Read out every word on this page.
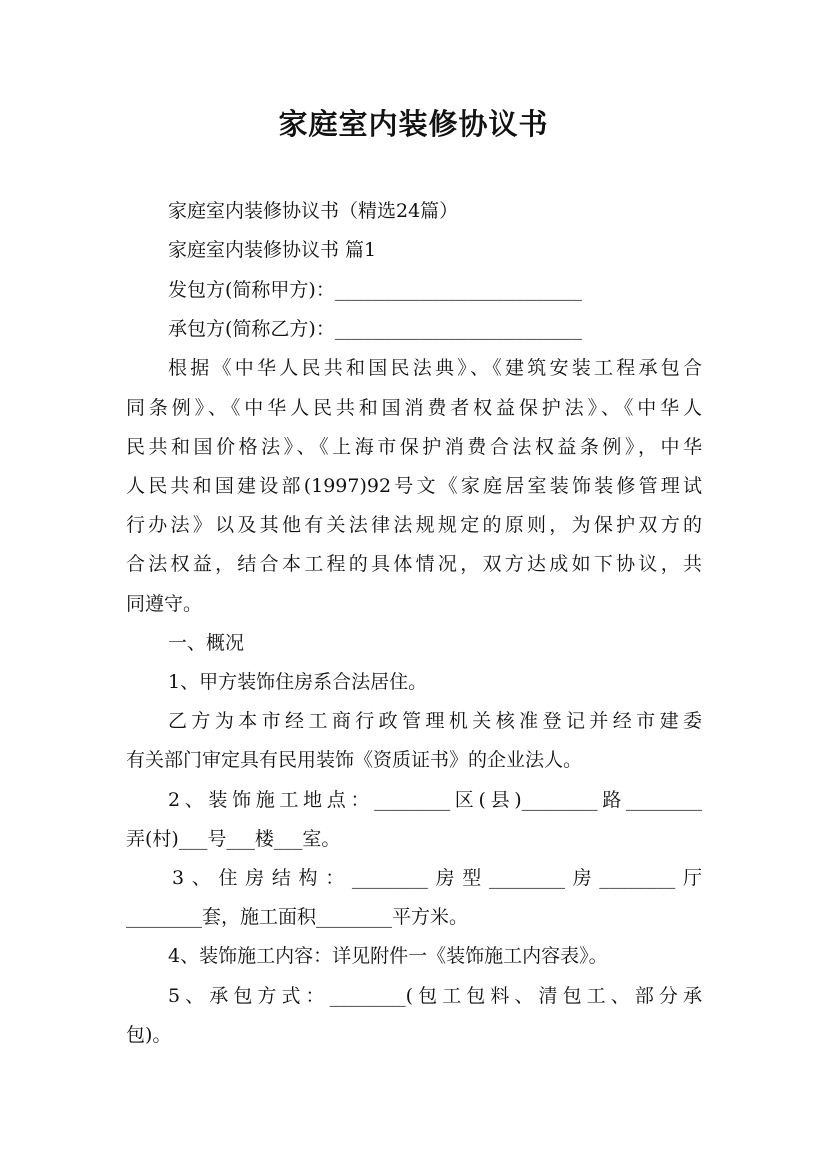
家庭室内装修协议书
家庭室内装修协议书（精选24篇）
家庭室内装修协议书 篇1
发包方(简称甲方)：__________________________
承包方(简称乙方)：__________________________
根据《中华人民共和国民法典》、《建筑安装工程承包合
同条例》、《中华人民共和国消费者权益保护法》、《中华人
民共和国价格法》、《上海市保护消费合法权益条例》，中华
人民共和国建设部(1997)92号文《家庭居室装饰装修管理试
行办法》以及其他有关法律法规规定的原则，为保护双方的
合法权益，结合本工程的具体情况，双方达成如下协议，共
同遵守。
一、概况
1、甲方装饰住房系合法居住。
乙方为本市经工商行政管理机关核准登记并经市建委
有关部门审定具有民用装饰《资质证书》的企业法人。
2、装饰施工地点：________区(县)________路________
弄(村)___号___楼___室。
3、住房结构：________房型________房________厅
________套，施工面积________平方米。
4、装饰施工内容：详见附件一《装饰施工内容表》。
5、承包方式：________(包工包料、清包工、部分承
包)。
